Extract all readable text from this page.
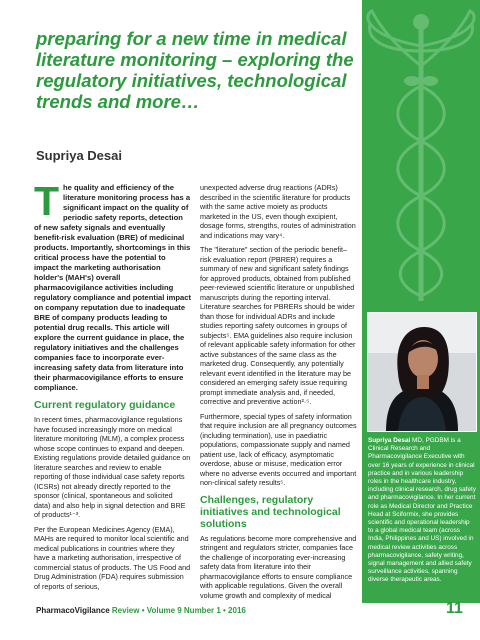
Supriya Desai MD, PGDBM is a Clinical Research and Pharmacovigilance Executive with over 16 years of experience in clinical practice and in various leadership roles in the healthcare industry, including clinical research, drug safety and pharmacovigilance. In her current role as Medical Director and Practice Head at Sciformix, she provides scientific and operational leadership to a global medical team (across India, Philippines and US) involved in medical review activities across pharmacovigilance, safety writing, signal management and allied safety surveillance activities, spanning diverse therapeutic areas.
preparing for a new time in medical literature monitoring – exploring the regulatory initiatives, technological trends and more…
Supriya Desai

The quality and efficiency of the literature monitoring process has a significant impact on the quality of periodic safety reports, detection of new safety signals and eventually benefit-risk evaluation (BRE) of medicinal products. Importantly, shortcomings in this critical process have the potential to impact the marketing authorisation holder's (MAH's) overall pharmacovigilance activities including regulatory compliance and potential impact on company reputation due to inadequate BRE of company products leading to potential drug recalls. This article will explore the current guidance in place, the regulatory initiatives and the challenges companies face to incorporate ever-increasing safety data from literature into their pharmacovigilance efforts to ensure compliance.

Current regulatory guidance

In recent times, pharmacovigilance regulations have focused increasingly more on medical literature monitoring (MLM), a complex process whose scope continues to expand and deepen. Existing regulations provide detailed guidance on literature searches and review to enable reporting of those individual case safety reports (ICSRs) not already directly reported to the sponsor (clinical, spontaneous and solicited data) and also help in signal detection and BRE of products¹⁻³.

Per the European Medicines Agency (EMA), MAHs are required to monitor local scientific and medical publications in countries where they have a marketing authorisation, irrespective of commercial status of products. The US Food and Drug Administration (FDA) requires submission of reports of serious,

unexpected adverse drug reactions (ADRs) described in the scientific literature for products with the same active moiety as products marketed in the US, even though excipient, dosage forms, strengths, routes of administration and indications may vary⁴.

The "literature" section of the periodic benefit–risk evaluation report (PBRER) requires a summary of new and significant safety findings for approved products, obtained from published peer-reviewed scientific literature or unpublished manuscripts during the reporting interval. Literature searches for PBRERs should be wider than those for individual ADRs and include studies reporting safety outcomes in groups of subjects⁵. EMA guidelines also require inclusion of relevant applicable safety information for other active substances of the same class as the marketed drug. Consequently, any potentially relevant event identified in the literature may be considered an emerging safety issue requiring prompt immediate analysis and, if needed, corrective and preventive action²·⁵.

Furthermore, special types of safety information that require inclusion are all pregnancy outcomes (including termination), use in paediatric populations, compassionate supply and named patient use, lack of efficacy, asymptomatic overdose, abuse or misuse, medication error where no adverse events occurred and important non-clinical safety results⁵.

Challenges, regulatory initiatives and technological solutions

As regulations become more comprehensive and stringent and regulators stricter, companies face the challenge of incorporating ever-increasing safety data from literature into their pharmacovigilance efforts to ensure compliance with applicable regulations. Given the overall volume growth and complexity of medical

PharmacoVigilance Review • Volume 9 Number 1 • 2016	11
